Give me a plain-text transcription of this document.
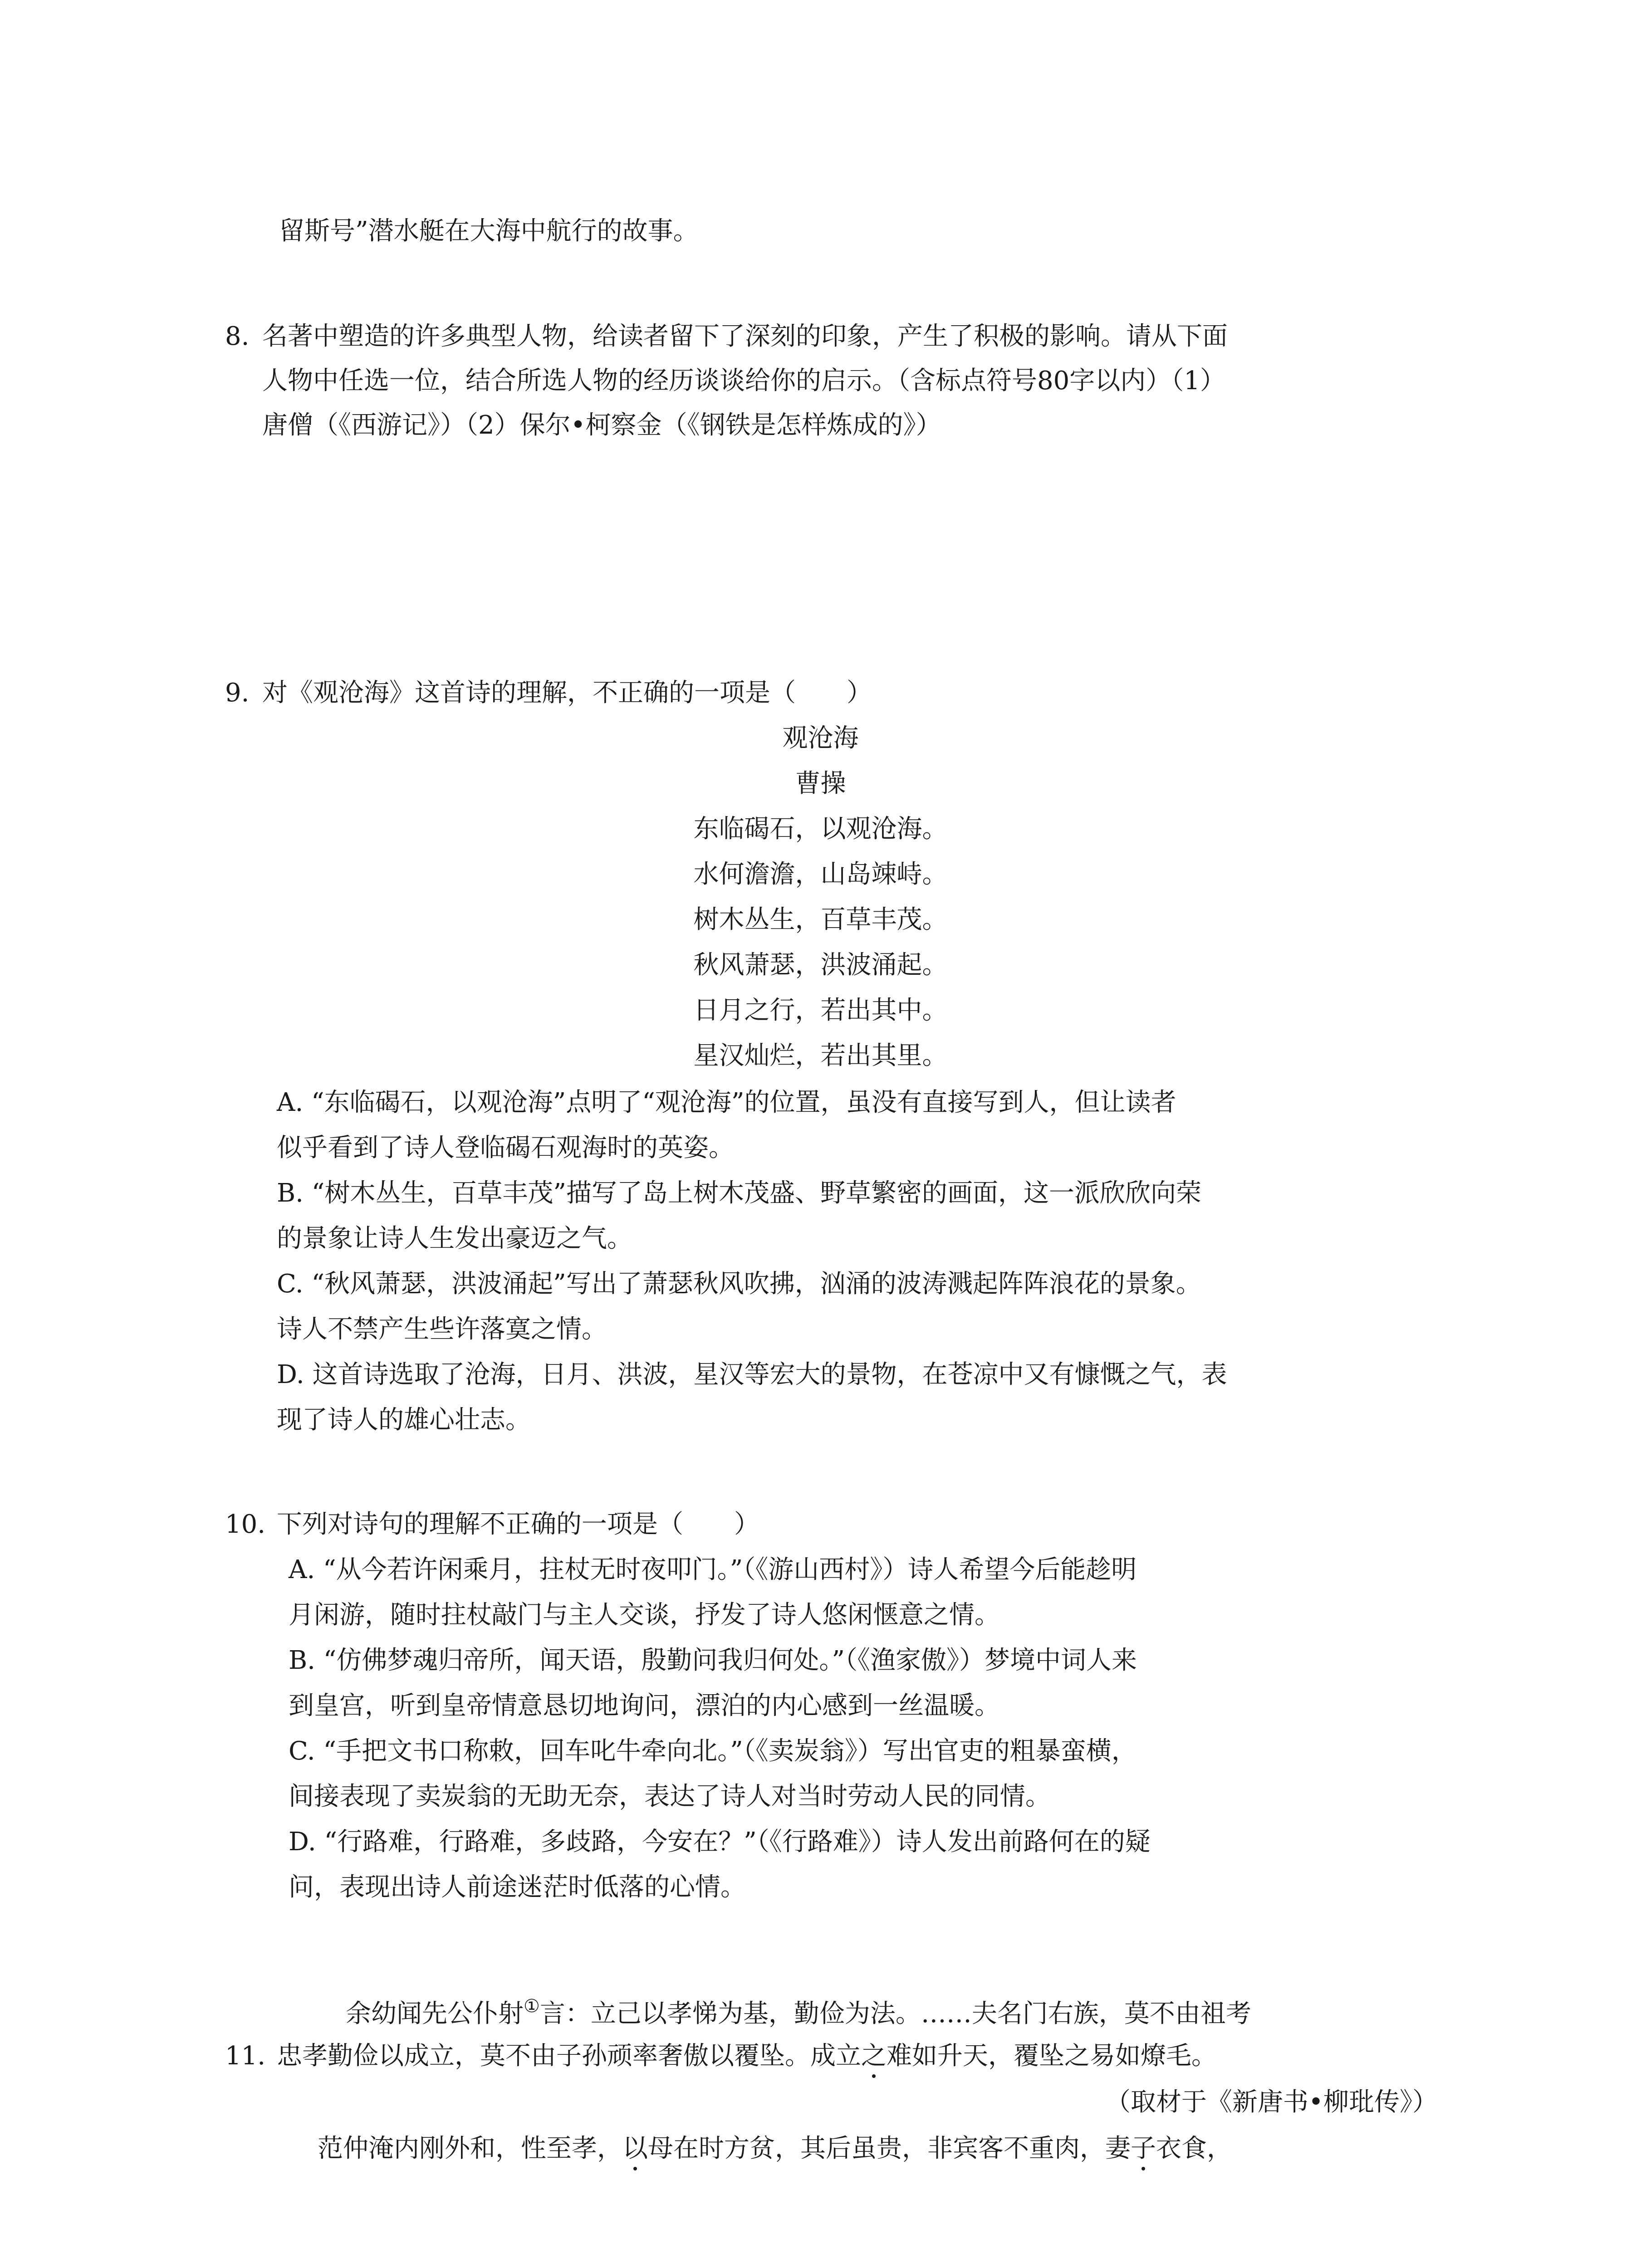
留斯号”潜水艇在大海中航行的故事。
8. 名著中塑造的许多典型人物，给读者留下了深刻的印象，产生了积极的影响。请从下面
人物中任选一位，结合所选人物的经历谈谈给你的启示。（含标点符号80字以内）（1）
唐僧（《西游记》）（2）保尔•柯察金（《钢铁是怎样炼成的》）
9. 对《观沧海》这首诗的理解，不正确的一项是（　　）
观沧海
曹操
东临碣石，以观沧海。
水何澹澹，山岛竦峙。
树木丛生，百草丰茂。
秋风萧瑟，洪波涌起。
日月之行，若出其中。
星汉灿烂，若出其里。
A. “东临碣石，以观沧海”点明了“观沧海”的位置，虽没有直接写到人，但让读者
似乎看到了诗人登临碣石观海时的英姿。
B. “树木丛生，百草丰茂”描写了岛上树木茂盛、野草繁密的画面，这一派欣欣向荣
的景象让诗人生发出豪迈之气。
C. “秋风萧瑟，洪波涌起”写出了萧瑟秋风吹拂，汹涌的波涛溅起阵阵浪花的景象。
诗人不禁产生些许落寞之情。
D. 这首诗选取了沧海，日月、洪波，星汉等宏大的景物，在苍凉中又有慷慨之气，表
现了诗人的雄心壮志。
10. 下列对诗句的理解不正确的一项是（　　）
A. “从今若许闲乘月，拄杖无时夜叩门。”（《游山西村》）诗人希望今后能趁明
月闲游，随时拄杖敲门与主人交谈，抒发了诗人悠闲惬意之情。
B. “仿佛梦魂归帝所，闻天语，殷勤问我归何处。”（《渔家傲》）梦境中词人来
到皇宫，听到皇帝情意恳切地询问，漂泊的内心感到一丝温暖。
C. “手把文书口称敕，回车叱牛牵向北。”（《卖炭翁》）写出官吏的粗暴蛮横，
间接表现了卖炭翁的无助无奈，表达了诗人对当时劳动人民的同情。
D. “行路难，行路难，多歧路，今安在？”（《行路难》）诗人发出前路何在的疑
问，表现出诗人前途迷茫时低落的心情。
余幼闻先公仆射①言：立己以孝悌为基，勤俭为法。……夫名门右族，莫不由祖考
11. 忠孝勤俭以成立，莫不由子孙顽率奢傲以覆坠。成立之难如升天，覆坠之易如燎毛。
（取材于《新唐书•柳玭传》）
范仲淹内刚外和，性至孝，以母在时方贫，其后虽贵，非宾客不重肉，妻子衣食，
